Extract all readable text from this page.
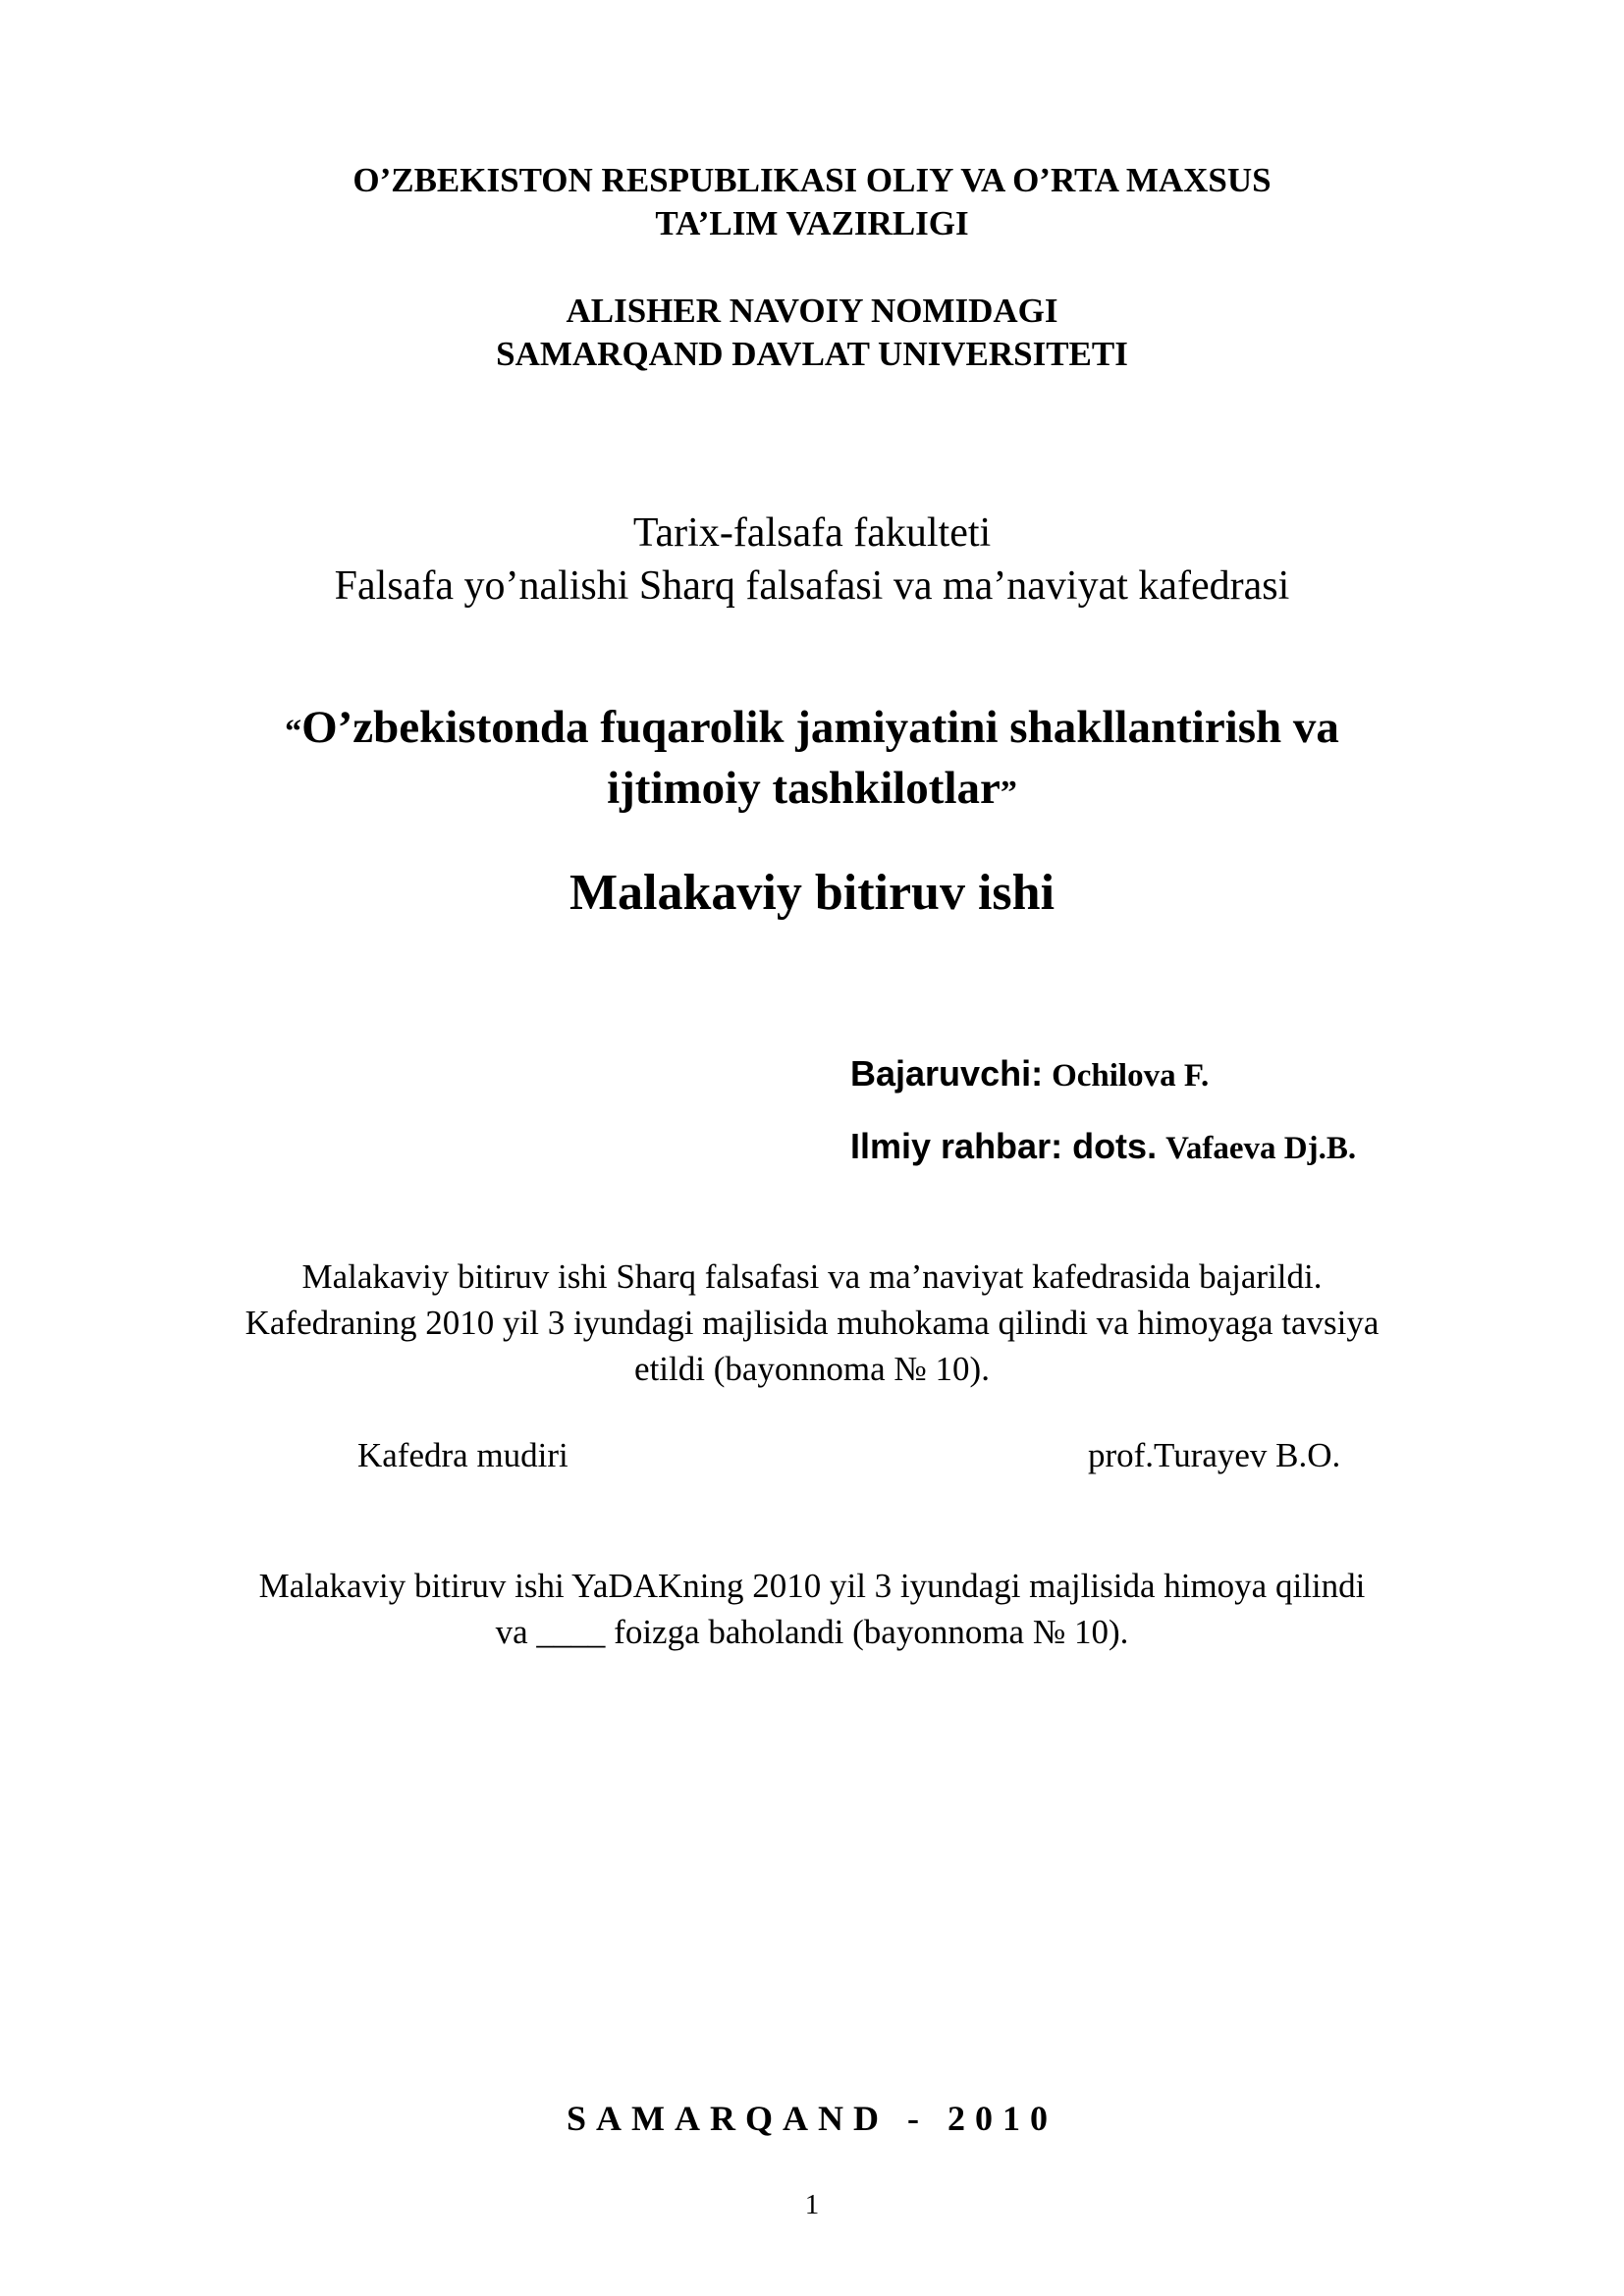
O’ZBEKISTON RESPUBLIKASI OLIY VA O’RTA MAXSUS
TA’LIM VAZIRLIGI
ALISHER NAVOIY NOMIDAGI
SAMARQAND DAVLAT UNIVERSITETI
Tarix-falsafa fakulteti
Falsafa yo’nalishi Sharq falsafasi va ma’naviyat kafedrasi
“O’zbekistonda fuqarolik jamiyatini shakllantirish va
ijtimoiy tashkilotlar”
Malakaviy bitiruv ishi
Bajaruvchi: Ochilova F.
Ilmiy rahbar: dots. Vafaeva Dj.B.
Malakaviy bitiruv ishi Sharq falsafasi va ma’naviyat kafedrasida bajarildi.
Kafedraning 2010 yil 3 iyundagi majlisida muhokama qilindi va himoyaga tavsiya
etildi (bayonnoma № 10).
Kafedra mudiri	prof.Turayev B.O.
Malakaviy bitiruv ishi YaDAKning 2010 yil 3 iyundagi majlisida himoya qilindi
va ____ foizga baholandi (bayonnoma № 10).
SAMARQAND - 2010
1
